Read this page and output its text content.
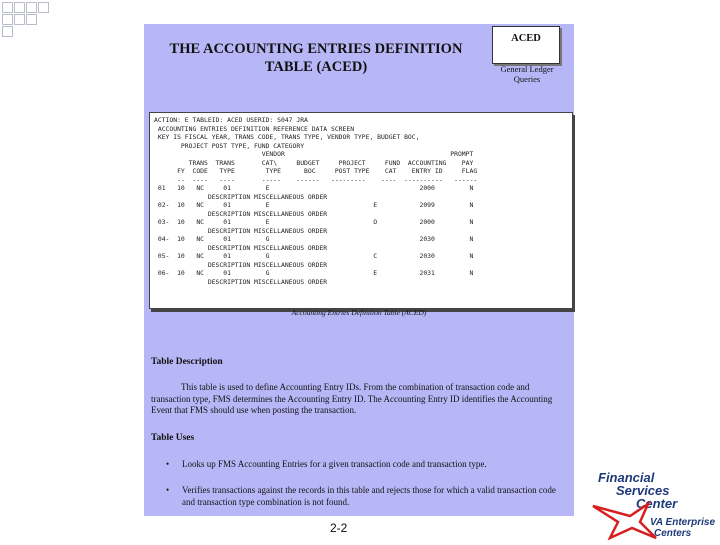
THE ACCOUNTING ENTRIES DEFINITION
TABLE (ACED)
ACED
General Ledger
Queries
ACTION: E TABLEID: ACED USERID: S047 JRA
ACCOUNTING ENTRIES DEFINITION REFERENCE DATA SCREEN
KEY IS FISCAL YEAR, TRANS CODE, TRANS TYPE, VENDOR TYPE, BUDGET BOC,
PROJECT POST TYPE, FUND CATEGORY
VENDOR                                           PROMPT
TRANS  TRANS       CAT\     BUDGET     PROJECT     FUND  ACCOUNTING    PAY
FY  CODE   TYPE        TYPE      BOC     POST TYPE    CAT    ENTRY ID     FLAG
--  ----   ----       -----    ------   ---------    ----  ----------   ------
01   10   NC     01         E                                       2000         N
DESCRIPTION MISCELLANEOUS ORDER
02-  10   NC     01         E                           E           2099         N
DESCRIPTION MISCELLANEOUS ORDER
03-  10   NC     01         E                           O           2000         N
DESCRIPTION MISCELLANEOUS ORDER
04-  10   NC     01         G                                       2030         N
DESCRIPTION MISCELLANEOUS ORDER
05-  10   NC     01         G                           C           2030         N
DESCRIPTION MISCELLANEOUS ORDER
06-  10   NC     01         G                           E           2031         N
DESCRIPTION MISCELLANEOUS ORDER

Accounting Entries Definition Table (ACED)
Table Description
This table is used to define Accounting Entry IDs. From the combination of transaction code and transaction type, FMS determines the Accounting Entry ID. The Accounting Entry ID identifies the Accounting Event that FMS should use when posting the transaction.
Table Uses
•	Looks up FMS Accounting Entries for a given transaction code and transaction type.
•	Verifies transactions against the records in this table and rejects those for which a valid transaction code and transaction type combination is not found.
2-2
Financial
Services
Center
VA Enterprise
Centers
